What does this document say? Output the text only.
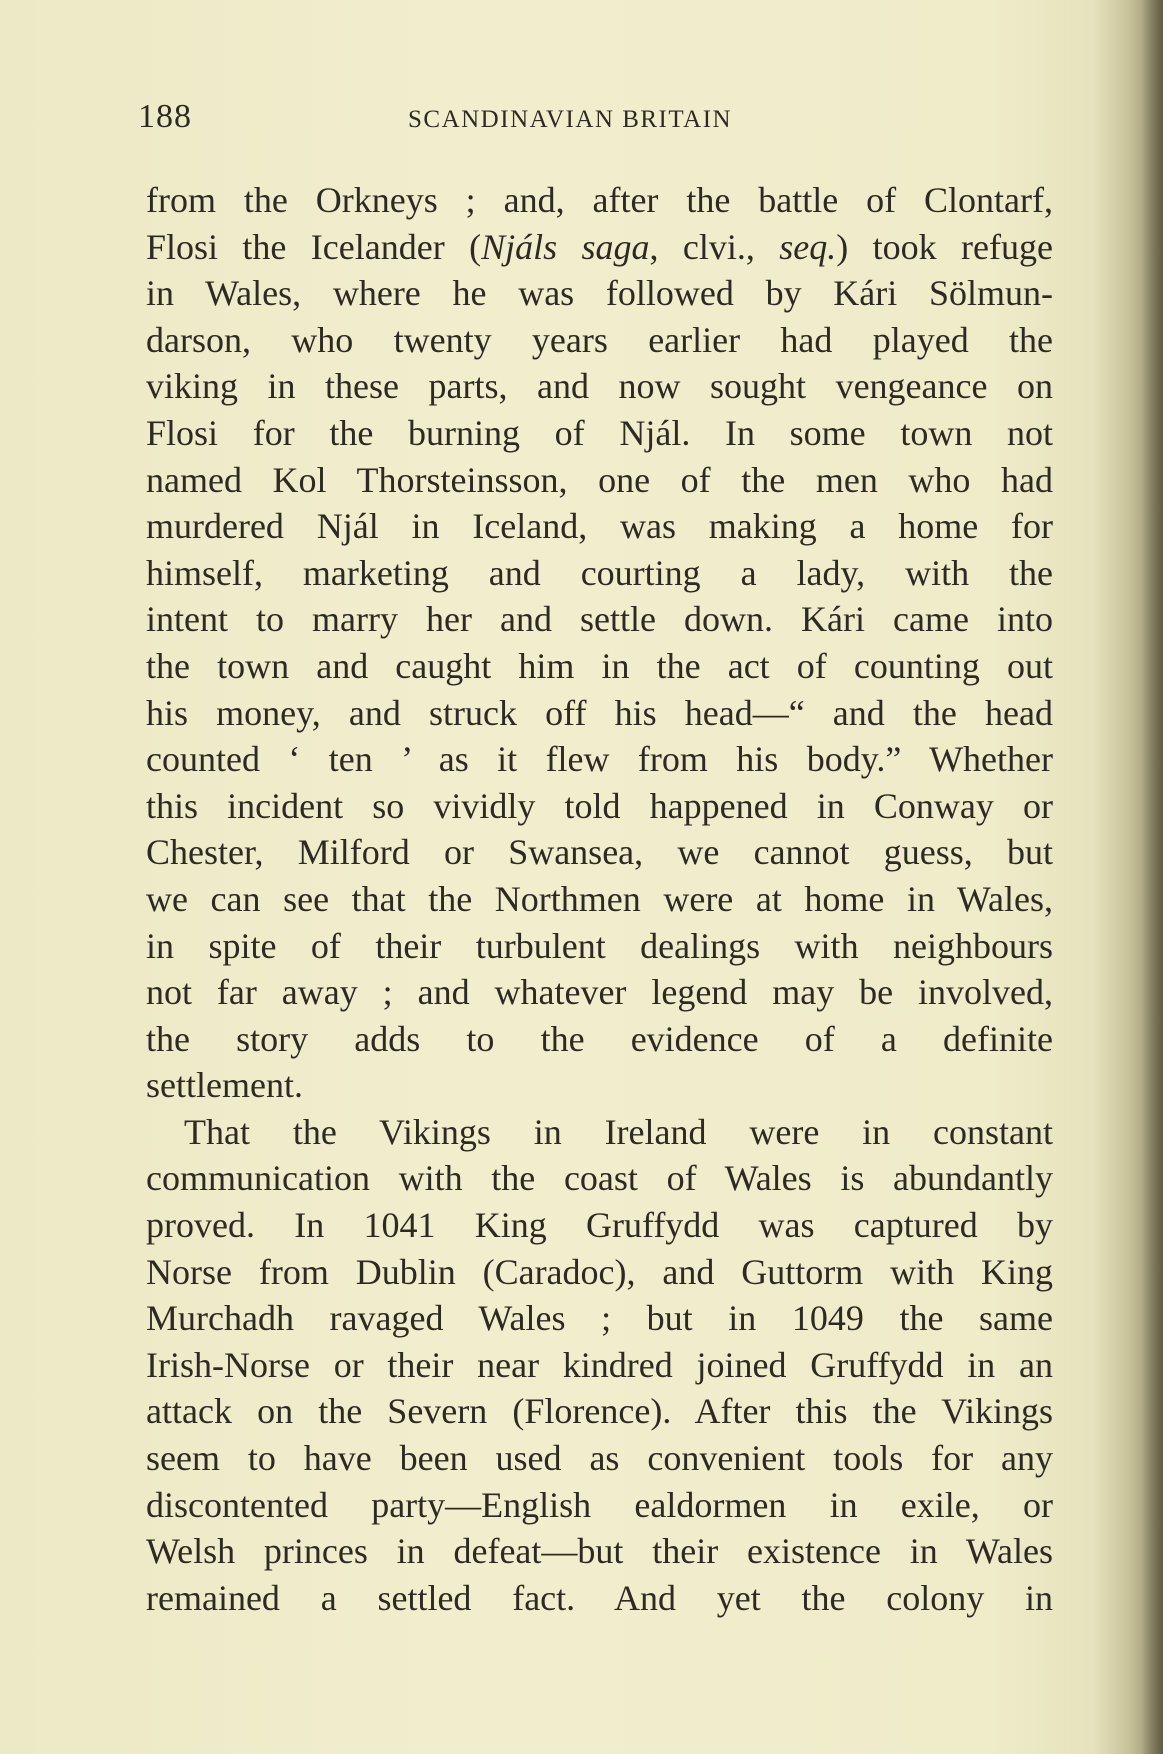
188	SCANDINAVIAN BRITAIN
from the Orkneys ; and, after the battle of Clontarf,
Flosi the Icelander (Njáls saga, clvi., seq.) took refuge
in Wales, where he was followed by Kári Sölmun-
darson, who twenty years earlier had played the
viking in these parts, and now sought vengeance on
Flosi for the burning of Njál. In some town not
named Kol Thorsteinsson, one of the men who had
murdered Njál in Iceland, was making a home for
himself, marketing and courting a lady, with the
intent to marry her and settle down. Kári came into
the town and caught him in the act of counting out
his money, and struck off his head—“ and the head
counted ‘ ten ’ as it flew from his body.” Whether
this incident so vividly told happened in Conway or
Chester, Milford or Swansea, we cannot guess, but
we can see that the Northmen were at home in Wales,
in spite of their turbulent dealings with neighbours
not far away ; and whatever legend may be involved,
the story adds to the evidence of a definite
settlement.
That the Vikings in Ireland were in constant
communication with the coast of Wales is abundantly
proved. In 1041 King Gruffydd was captured by
Norse from Dublin (Caradoc), and Guttorm with King
Murchadh ravaged Wales ; but in 1049 the same
Irish-Norse or their near kindred joined Gruffydd in an
attack on the Severn (Florence). After this the Vikings
seem to have been used as convenient tools for any
discontented party—English ealdormen in exile, or
Welsh princes in defeat—but their existence in Wales
remained a settled fact. And yet the colony in
